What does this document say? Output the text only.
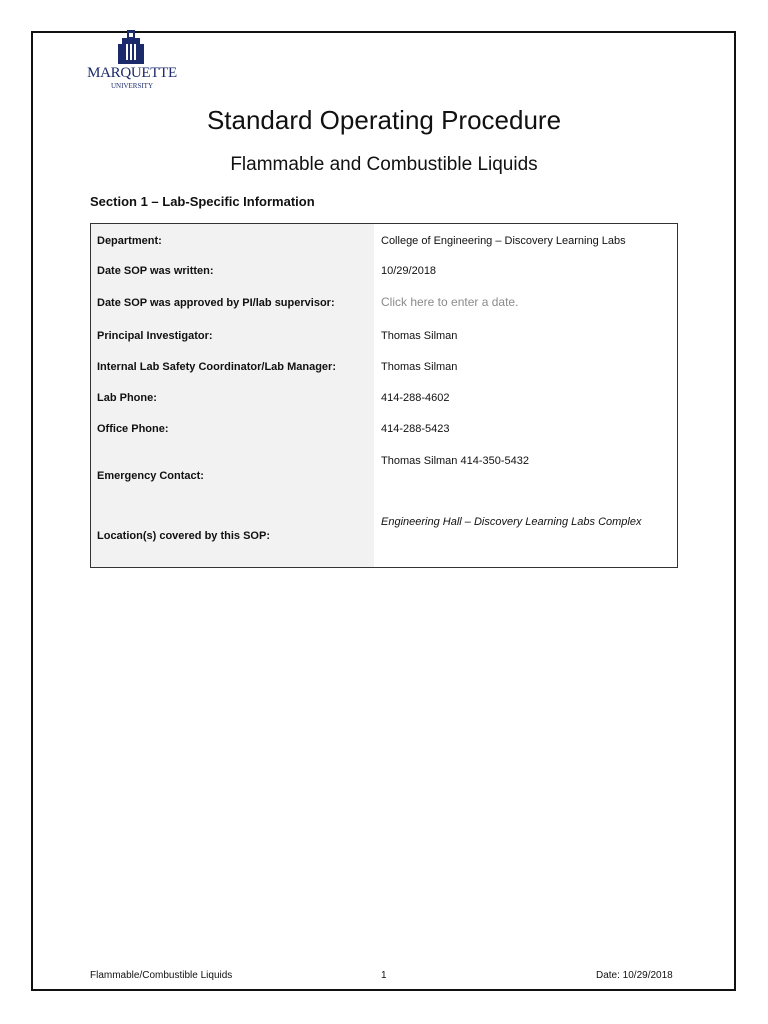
MARQUETTE
UNIVERSITY
Standard Operating Procedure
Flammable and Combustible Liquids
Section 1 – Lab-Specific Information
Department:	College of Engineering – Discovery Learning Labs
Date SOP was written:	10/29/2018
Date SOP was approved by PI/lab supervisor:	Click here to enter a date.
Principal Investigator:	Thomas Silman
Internal Lab Safety Coordinator/Lab Manager:	Thomas Silman
Lab Phone:	414-288-4602
Office Phone:	414-288-5423
Emergency Contact:
Thomas Silman 414-350-5432
Location(s) covered by this SOP:
Engineering Hall – Discovery Learning Labs Complex
Flammable/Combustible Liquids	1	Date: 10/29/2018
